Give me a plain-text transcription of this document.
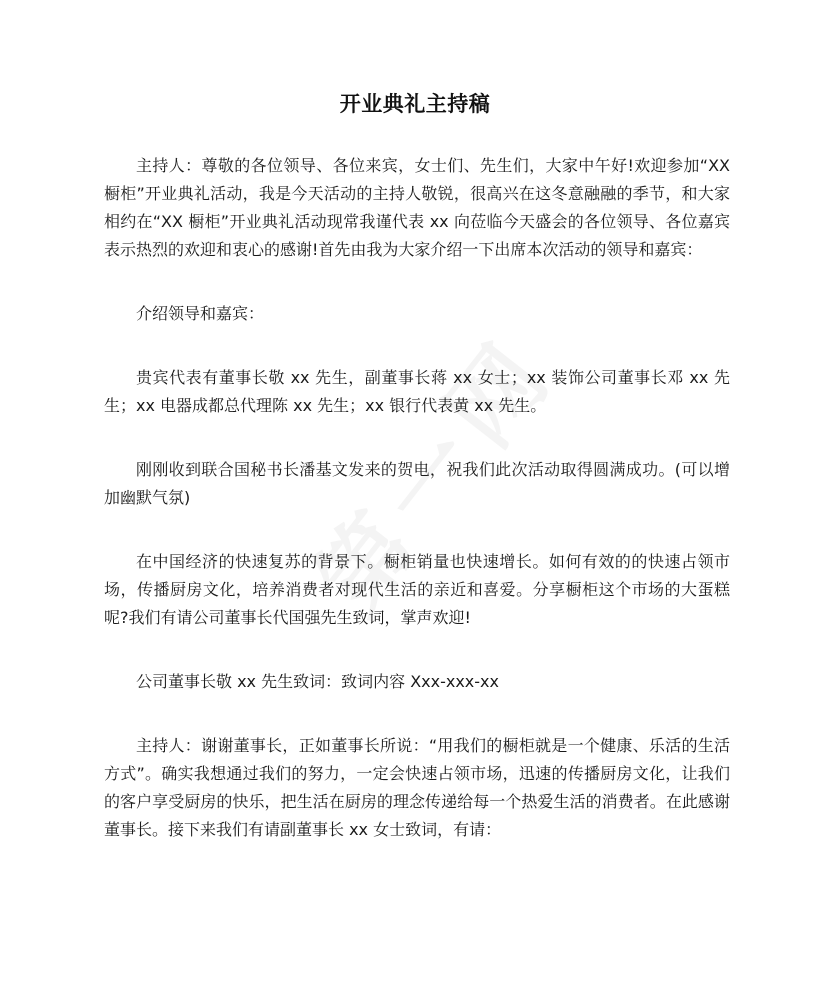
开业典礼主持稿

主持人：尊敬的各位领导、各位来宾，女士们、先生们，大家中午好!欢迎参加“XX 橱柜”开业典礼活动，我是今天活动的主持人敬锐，很高兴在这冬意融融的季节，和大家相约在“XX 橱柜”开业典礼活动现常我谨代表 xx 向莅临今天盛会的各位领导、各位嘉宾表示热烈的欢迎和衷心的感谢!首先由我为大家介绍一下出席本次活动的领导和嘉宾：

介绍领导和嘉宾：

贵宾代表有董事长敬 xx 先生，副董事长蒋 xx 女士；xx 装饰公司董事长邓 xx 先生；xx 电器成都总代理陈 xx 先生；xx 银行代表黄 xx 先生。

刚刚收到联合国秘书长潘基文发来的贺电，祝我们此次活动取得圆满成功。(可以增加幽默气氛)

在中国经济的快速复苏的背景下。橱柜销量也快速增长。如何有效的的快速占领市场，传播厨房文化，培养消费者对现代生活的亲近和喜爱。分享橱柜这个市场的大蛋糕呢?我们有请公司董事长代国强先生致词，掌声欢迎!

公司董事长敬 xx 先生致词：致词内容 Xxx-xxx-xx

主持人：谢谢董事长，正如董事长所说：“用我们的橱柜就是一个健康、乐活的生活方式”。确实我想通过我们的努力，一定会快速占领市场，迅速的传播厨房文化，让我们的客户享受厨房的快乐，把生活在厨房的理念传递给每一个热爱生活的消费者。在此感谢董事长。接下来我们有请副董事长 xx 女士致词，有请：
